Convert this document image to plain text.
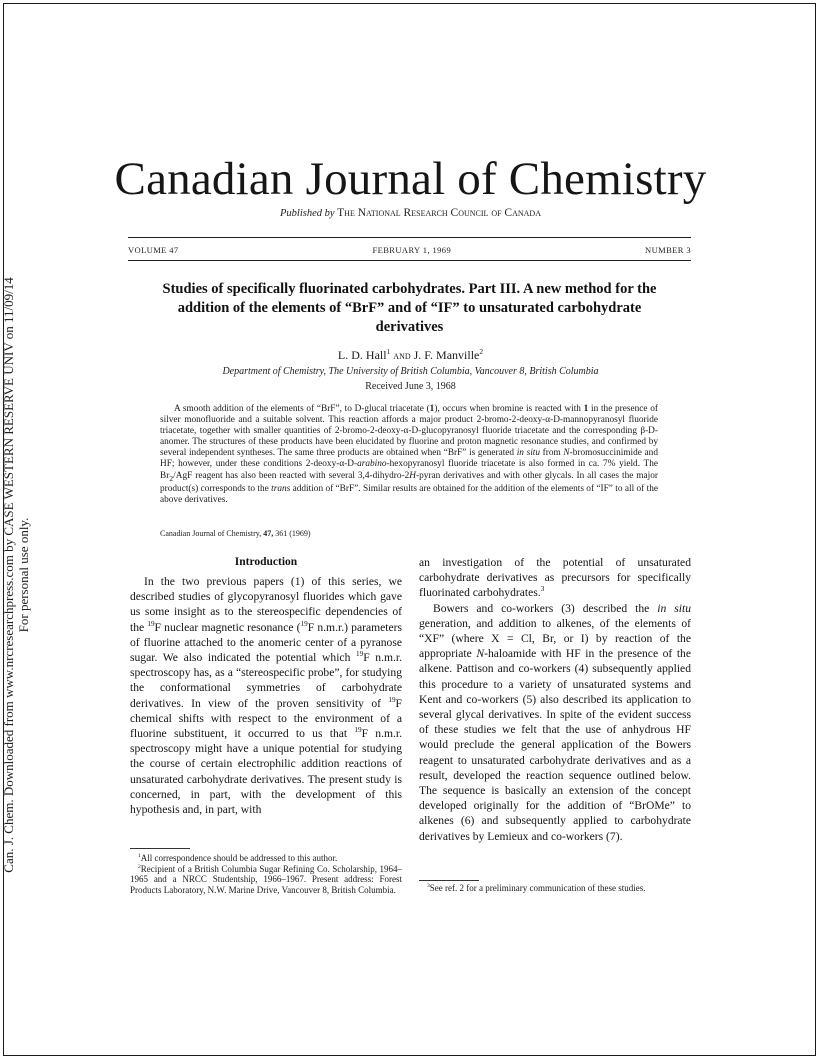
Can. J. Chem. Downloaded from www.nrcresearchpress.com by CASE WESTERN RESERVE UNIV on 11/09/14 For personal use only.
Canadian Journal of Chemistry
Published by The National Research Council of Canada
VOLUME 47	FEBRUARY 1, 1969	NUMBER 3
Studies of specifically fluorinated carbohydrates. Part III. A new method for the
addition of the elements of “BrF” and of “IF” to unsaturated carbohydrate
derivatives
L. D. Hall$^1$ and J. F. Manville$^2$
Department of Chemistry, The University of British Columbia, Vancouver 8, British Columbia
Received June 3, 1968
A smooth addition of the elements of “BrF”, to D-glucal triacetate (1), occurs when bromine is reacted with 1 in the presence of silver monofluoride and a suitable solvent. This reaction affords a major product 2-bromo-2-deoxy-α-D-mannopyranosyl fluoride triacetate, together with smaller quantities of 2-bromo-2-deoxy-α-D-glucopyranosyl fluoride triacetate and the corresponding β-D-anomer. The structures of these products have been elucidated by fluorine and proton magnetic resonance studies, and confirmed by several independent syntheses. The same three products are obtained when “BrF” is generated in situ from N-bromosuccinimide and HF; however, under these conditions 2-deoxy-α-D-arabino-hexopyranosyl fluoride triacetate is also formed in ca. 7% yield. The $Br_2$/AgF reagent has also been reacted with several 3,4-dihydro-2H-pyran derivatives and with other glycals. In all cases the major product(s) corresponds to the trans addition of “BrF”. Similar results are obtained for the addition of the elements of “IF” to all of the above derivatives.
Canadian Journal of Chemistry, 47, 361 (1969)
Introduction

In the two previous papers (1) of this series, we described studies of glycopyranosyl fluorides which gave us some insight as to the stereospecific dependencies of the $^{19}$F nuclear magnetic resonance ($^{19}$F n.m.r.) parameters of fluorine attached to the anomeric center of a pyranose sugar. We also indicated the potential which $^{19}$F n.m.r. spectroscopy has, as a “stereospecific probe”, for studying the conformational symmetries of carbohydrate derivatives. In view of the proven sensitivity of $^{19}$F chemical shifts with respect to the environment of a fluorine substituent, it occurred to us that $^{19}$F n.m.r. spectroscopy might have a unique potential for studying the course of certain electrophilic addition reactions of unsaturated carbohydrate derivatives. The present study is concerned, in part, with the development of this hypothesis and, in part, with

an investigation of the potential of unsaturated carbohydrate derivatives as precursors for specifically fluorinated carbohydrates.$^3$

Bowers and co-workers (3) described the in situ generation, and addition to alkenes, of the elements of “XF” (where X = Cl, Br, or I) by reaction of the appropriate N-haloamide with HF in the presence of the alkene. Pattison and co-workers (4) subsequently applied this procedure to a variety of unsaturated systems and Kent and co-workers (5) also described its application to several glycal derivatives. In spite of the evident success of these studies we felt that the use of anhydrous HF would preclude the general application of the Bowers reagent to unsaturated carbohydrate derivatives and as a result, developed the reaction sequence outlined below. The sequence is basically an extension of the concept developed originally for the addition of “BrOMe” to alkenes (6) and subsequently applied to carbohydrate derivatives by Lemieux and co-workers (7).

$^1$All correspondence should be addressed to this author.

$^2$Recipient of a British Columbia Sugar Refining Co. Scholarship, 1964–1965 and a NRCC Studentship, 1966–1967. Present address: Forest Products Laboratory, N.W. Marine Drive, Vancouver 8, British Columbia.	$^3$See ref. 2 for a preliminary communication of these studies.
